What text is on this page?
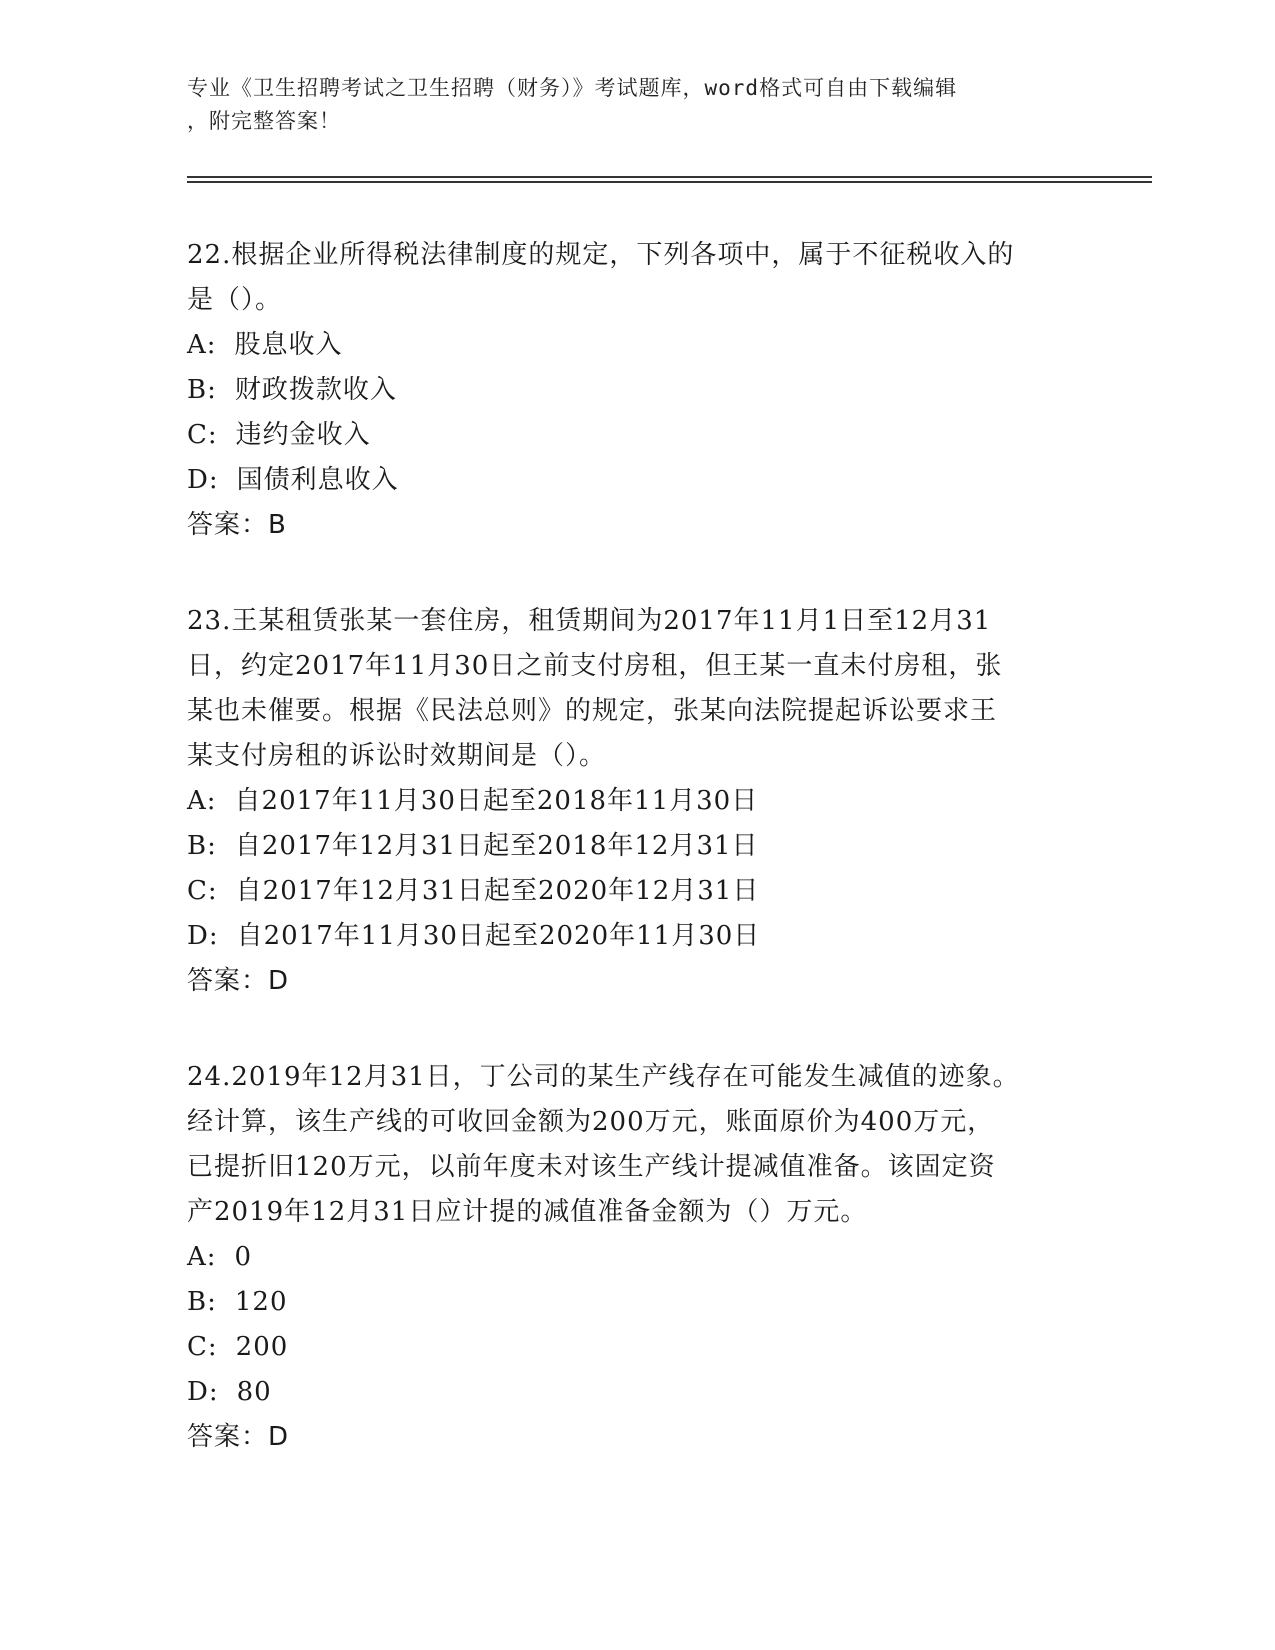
专业《卫生招聘考试之卫生招聘（财务）》考试题库，word格式可自由下载编辑
，附完整答案！
22.根据企业所得税法律制度的规定，下列各项中，属于不征税收入的
是（）。
A: 股息收入
B: 财政拨款收入
C: 违约金收入
D: 国债利息收入
答案：B
23.王某租赁张某一套住房，租赁期间为2017年11月1日至12月31
日，约定2017年11月30日之前支付房租，但王某一直未付房租，张
某也未催要。根据《民法总则》的规定，张某向法院提起诉讼要求王
某支付房租的诉讼时效期间是（）。
A: 自2017年11月30日起至2018年11月30日
B: 自2017年12月31日起至2018年12月31日
C: 自2017年12月31日起至2020年12月31日
D: 自2017年11月30日起至2020年11月30日
答案：D
24.2019年12月31日，丁公司的某生产线存在可能发生减值的迹象。
经计算，该生产线的可收回金额为200万元，账面原价为400万元，
已提折旧120万元，以前年度未对该生产线计提减值准备。该固定资
产2019年12月31日应计提的减值准备金额为（）万元。
A: 0
B: 120
C: 200
D: 80
答案：D
